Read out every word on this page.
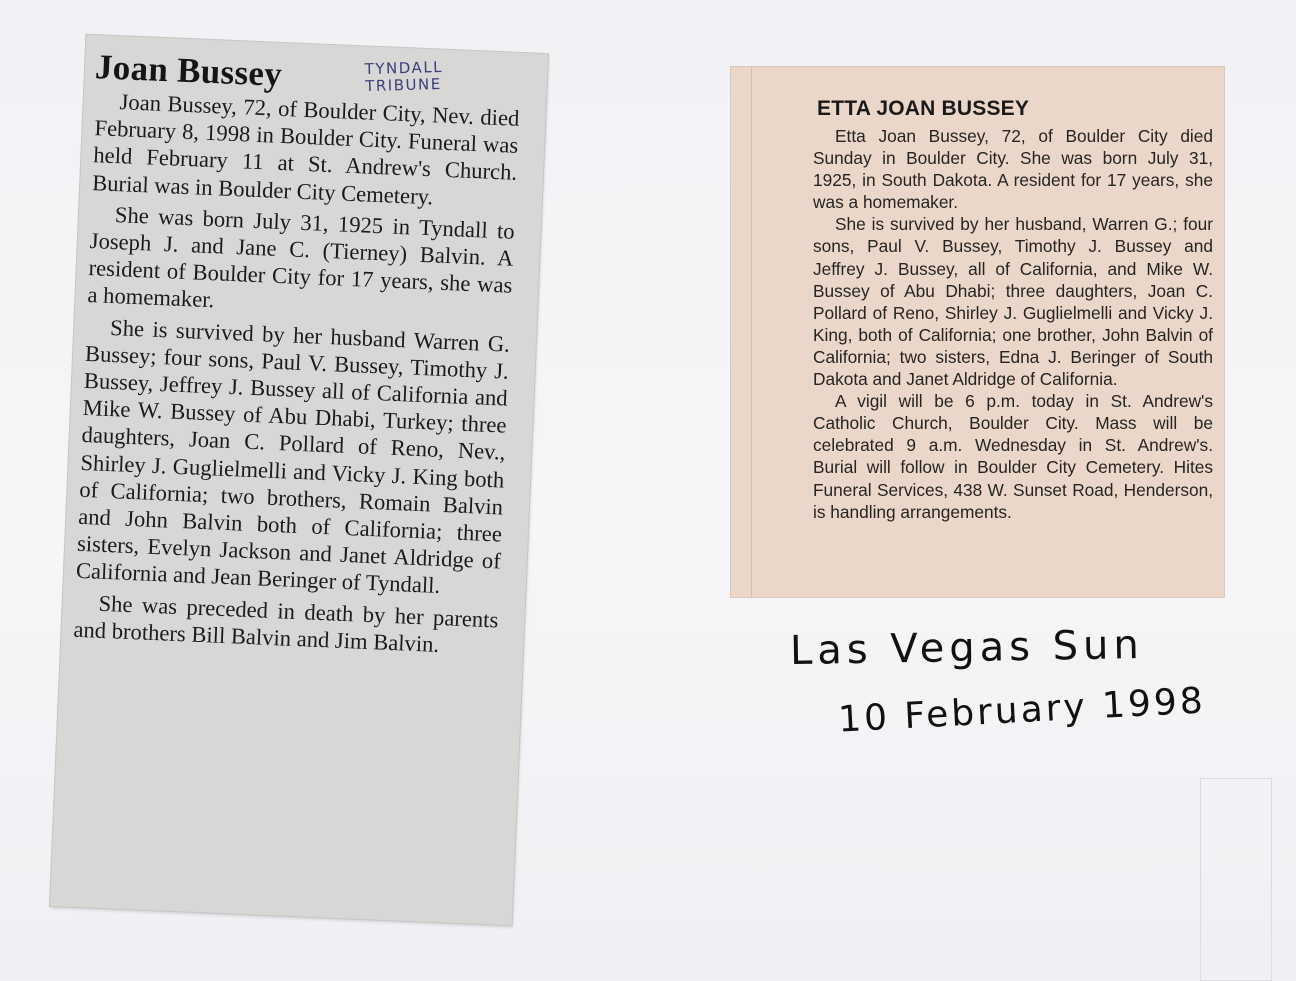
Joan Bussey	TYNDALL
TRIBUNE

Joan Bussey, 72, of Boulder City, Nev. died February 8, 1998 in Boulder City. Funeral was held February 11 at St. Andrew's Church. Burial was in Boulder City Cemetery.

She was born July 31, 1925 in Tyndall to Joseph J. and Jane C. (Tierney) Balvin. A resident of Boulder City for 17 years, she was a homemaker.

She is survived by her husband Warren G. Bussey; four sons, Paul V. Bussey, Timothy J. Bussey, Jeffrey J. Bussey all of California and Mike W. Bussey of Abu Dhabi, Turkey; three daughters, Joan C. Pollard of Reno, Nev., Shirley J. Guglielmelli and Vicky J. King both of California; two brothers, Romain Balvin and John Balvin both of California; three sisters, Evelyn Jackson and Janet Aldridge of California and Jean Beringer of Tyndall.

She was preceded in death by her parents and brothers Bill Balvin and Jim Balvin.

ETTA JOAN BUSSEY

Etta Joan Bussey, 72, of Boulder City died Sunday in Boulder City. She was born July 31, 1925, in South Dakota. A resident for 17 years, she was a homemaker.

She is survived by her husband, Warren G.; four sons, Paul V. Bussey, Timothy J. Bussey and Jeffrey J. Bussey, all of California, and Mike W. Bussey of Abu Dhabi; three daughters, Joan C. Pollard of Reno, Shirley J. Guglielmelli and Vicky J. King, both of California; one brother, John Balvin of California; two sisters, Edna J. Beringer of South Dakota and Janet Aldridge of California.

A vigil will be 6 p.m. today in St. Andrew's Catholic Church, Boulder City. Mass will be celebrated 9 a.m. Wednesday in St. Andrew's. Burial will follow in Boulder City Cemetery. Hites Funeral Services, 438 W. Sunset Road, Henderson, is handling arrangements.

Las Vegas Sun
10 February 1998
